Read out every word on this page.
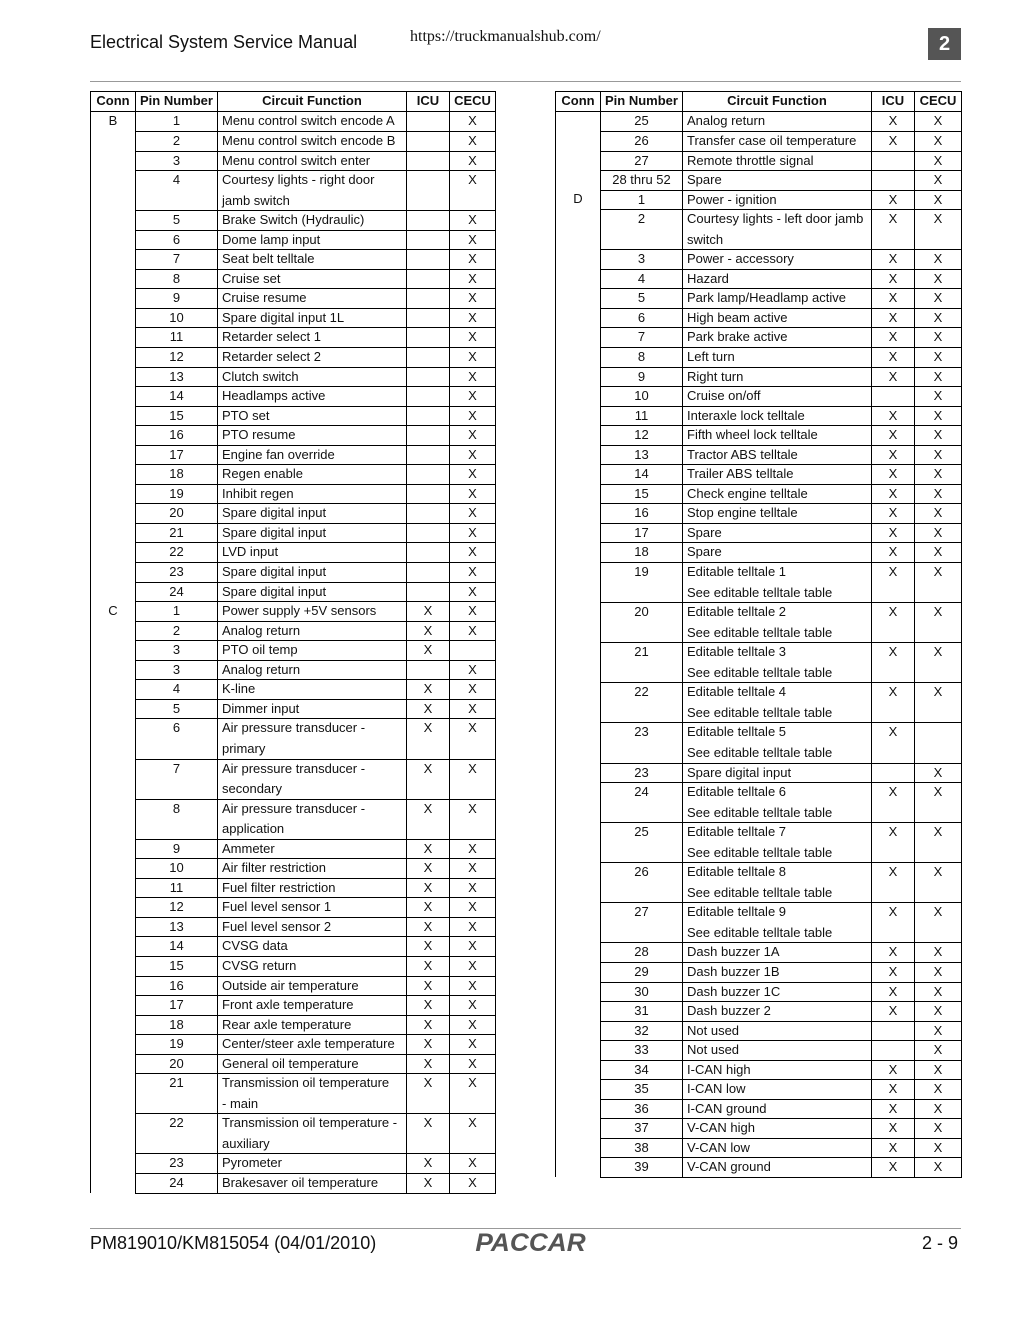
Electrical System Service Manual	https://truckmanualshub.com/	2
Conn	Pin Number	Circuit Function	ICU	CECU
B	1	Menu control switch encode A		X
	2	Menu control switch encode B		X
	3	Menu control switch enter		X
	4	Courtesy lights - right door
jamb switch		X
	5	Brake Switch (Hydraulic)		X
	6	Dome lamp input		X
	7	Seat belt telltale		X
	8	Cruise set		X
	9	Cruise resume		X
	10	Spare digital input 1L		X
	11	Retarder select 1		X
	12	Retarder select 2		X
	13	Clutch switch		X
	14	Headlamps active		X
	15	PTO set		X
	16	PTO resume		X
	17	Engine fan override		X
	18	Regen enable		X
	19	Inhibit regen		X
	20	Spare digital input		X
	21	Spare digital input		X
	22	LVD input		X
	23	Spare digital input		X
	24	Spare digital input		X
C	1	Power supply +5V sensors	X	X
	2	Analog return	X	X
	3	PTO oil temp	X	
	3	Analog return		X
	4	K-line	X	X
	5	Dimmer input	X	X
	6	Air pressure transducer -
primary	X	X
	7	Air pressure transducer -
secondary	X	X
	8	Air pressure transducer -
application	X	X
	9	Ammeter	X	X
	10	Air filter restriction	X	X
	11	Fuel filter restriction	X	X
	12	Fuel level sensor 1	X	X
	13	Fuel level sensor 2	X	X
	14	CVSG data	X	X
	15	CVSG return	X	X
	16	Outside air temperature	X	X
	17	Front axle temperature	X	X
	18	Rear axle temperature	X	X
	19	Center/steer axle temperature	X	X
	20	General oil temperature	X	X
	21	Transmission oil temperature
- main	X	X
	22	Transmission oil temperature -
auxiliary	X	X
	23	Pyrometer	X	X
	24	Brakesaver oil temperature	X	X
Conn	Pin Number	Circuit Function	ICU	CECU
	25	Analog return	X	X
	26	Transfer case oil temperature	X	X
	27	Remote throttle signal		X
	28 thru 52	Spare		X
D	1	Power - ignition	X	X
	2	Courtesy lights - left door jamb
switch	X	X
	3	Power - accessory	X	X
	4	Hazard	X	X
	5	Park lamp/Headlamp active	X	X
	6	High beam active	X	X
	7	Park brake active	X	X
	8	Left turn	X	X
	9	Right turn	X	X
	10	Cruise on/off		X
	11	Interaxle lock telltale	X	X
	12	Fifth wheel lock telltale	X	X
	13	Tractor ABS telltale	X	X
	14	Trailer ABS telltale	X	X
	15	Check engine telltale	X	X
	16	Stop engine telltale	X	X
	17	Spare	X	X
	18	Spare	X	X
	19	Editable telltale 1
See editable telltale table	X	X
	20	Editable telltale 2
See editable telltale table	X	X
	21	Editable telltale 3
See editable telltale table	X	X
	22	Editable telltale 4
See editable telltale table	X	X
	23	Editable telltale 5
See editable telltale table	X	
	23	Spare digital input		X
	24	Editable telltale 6
See editable telltale table	X	X
	25	Editable telltale 7
See editable telltale table	X	X
	26	Editable telltale 8
See editable telltale table	X	X
	27	Editable telltale 9
See editable telltale table	X	X
	28	Dash buzzer 1A	X	X
	29	Dash buzzer 1B	X	X
	30	Dash buzzer 1C	X	X
	31	Dash buzzer 2	X	X
	32	Not used		X
	33	Not used		X
	34	I-CAN high	X	X
	35	I-CAN low	X	X
	36	I-CAN ground	X	X
	37	V-CAN high	X	X
	38	V-CAN low	X	X
	39	V-CAN ground	X	X
PM819010/KM815054 (04/01/2010)	PACCAR	2 - 9
